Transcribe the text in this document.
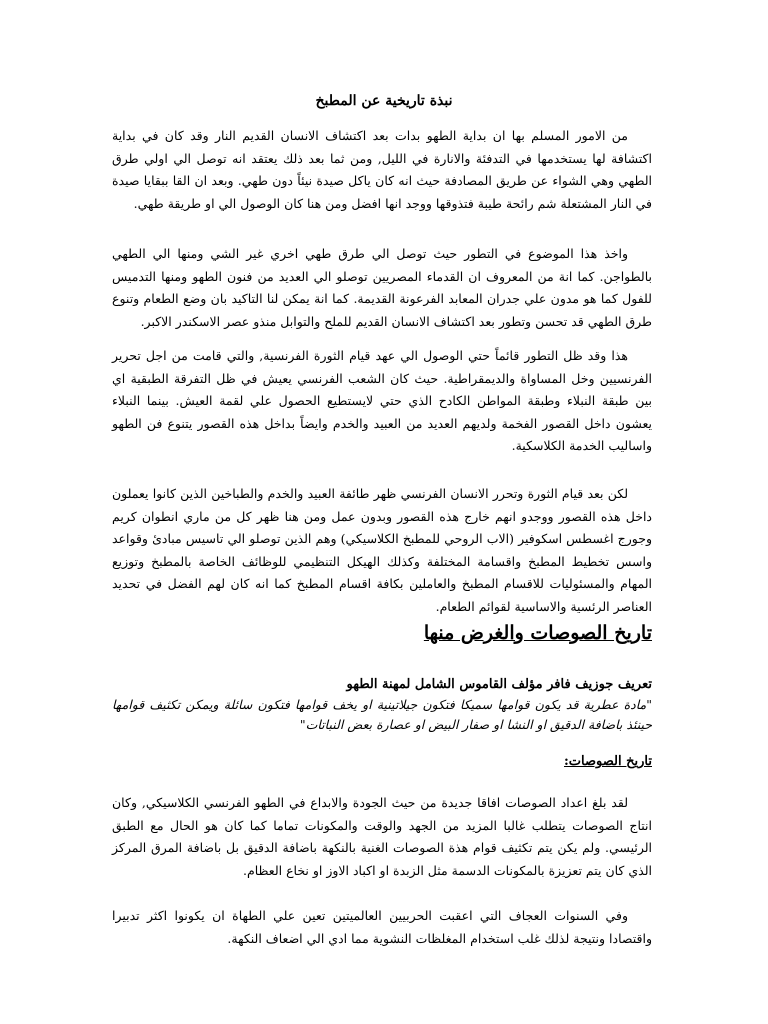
نبذة تاريخية عن المطبخ

من الامور المسلم بها ان بداية الطهو بدات بعد اكتشاف الانسان القديم النار وقد كان في بداية اكتشافة لها يستخدمها في التدفئة والانارة في الليل, ومن ثما بعد ذلك يعتقد انه توصل الي اولي طرق الطهي وهي الشواء عن طريق المصادفة حيث انه كان ياكل صيدة نيئاً دون طهي. وبعد ان القا ببقايا صيدة في النار المشتعلة شم رائحة طيبة فتذوقها ووجد انها افضل ومن هنا كان الوصول الي او طريقة طهي.

واخذ هذا الموضوع في التطور حيث توصل الي طرق طهي اخري غير الشي ومنها الي الطهي بالطواجن. كما انة من المعروف ان القدماء المصريين توصلو الي العديد من فنون الطهو ومنها التدميس للفول كما هو مدون علي جدران المعابد الفرعونة القديمة. كما انة يمكن لنا التاكيد بان وضع الطعام وتنوع طرق الطهي قد تحسن وتطور بعد اكتشاف الانسان القديم للملح والتوابل منذو عصر الاسكندر الاكبر.

هذا وقد ظل التطور قائماً حتي الوصول الي عهد قيام الثورة الفرنسية, والتي قامت من اجل تحرير الفرنسيين وخل المساواة والديمقراطية. حيث كان الشعب الفرنسي يعيش في ظل التفرقة الطبقية اي بين طبقة النبلاء وطبقة المواطن الكادح الذي حتي لايستطيع الحصول علي لقمة العيش. بينما النبلاء يعشون داخل القصور الفخمة ولديهم العديد من العبيد والخدم وايضاً بداخل هذه القصور يتنوع فن الطهو واساليب الخدمة الكلاسكية.

لكن بعد قيام الثورة وتحرر الانسان الفرنسي ظهر طائفة العبيد والخدم والطباخين الذين كانوا يعملون داخل هذه القصور ووجدو انهم خارج هذه القصور وبدون عمل ومن هنا ظهر كل من ماري انطوان كريم وجورج اغسطس اسكوفير (الاب الروحي للمطبخ الكلاسيكي) وهم الذين توصلو الي تاسيس مبادئ وقواعد واسس تخطيط المطبخ واقسامة المختلفة وكذلك الهيكل التنظيمي للوظائف الخاصة بالمطبخ وتوزيع المهام والمسئوليات للاقسام المطبخ والعاملين بكافة اقسام المطبخ كما انه كان لهم الفضل في تحديد العناصر الرئسية والاساسية لقوائم الطعام.

تاريخ الصوصات والغرض منها
تعريف جوزيف فافر مؤلف القاموس الشامل لمهنة الطهو

"مادة عطرية قد يكون قوامها سميكا فتكون جيلاتينية او يخف قوامها فتكون سائلة ويمكن تكثيف قوامها حينئذ باضافة الدقيق او النشا او صفار البيض او عصارة بعض النباتات"

تاريخ الصوصات:

لقد بلغ اعداد الصوصات افاقا جديدة من حيث الجودة والابداع في الطهو الفرنسي الكلاسيكي, وكان انتاج الصوصات يتطلب غالبا المزيد من الجهد والوقت والمكونات تماما كما كان هو الحال مع الطبق الرئيسي. ولم يكن يتم تكثيف قوام هذة الصوصات الغنية بالنكهة باضافة الدقيق بل باضافة المرق المركز الذي كان يتم تعزيزة بالمكونات الدسمة مثل الزبدة او اكباد الاوز او نخاع العظام.

وفي السنوات العجاف التي اعقبت الحربيين العالميتين تعين علي الطهاة ان يكونوا اكثر تدبيرا واقتصادا ونتيجة لذلك غلب استخدام المغلظات النشوية مما ادي الي اضعاف النكهة.
